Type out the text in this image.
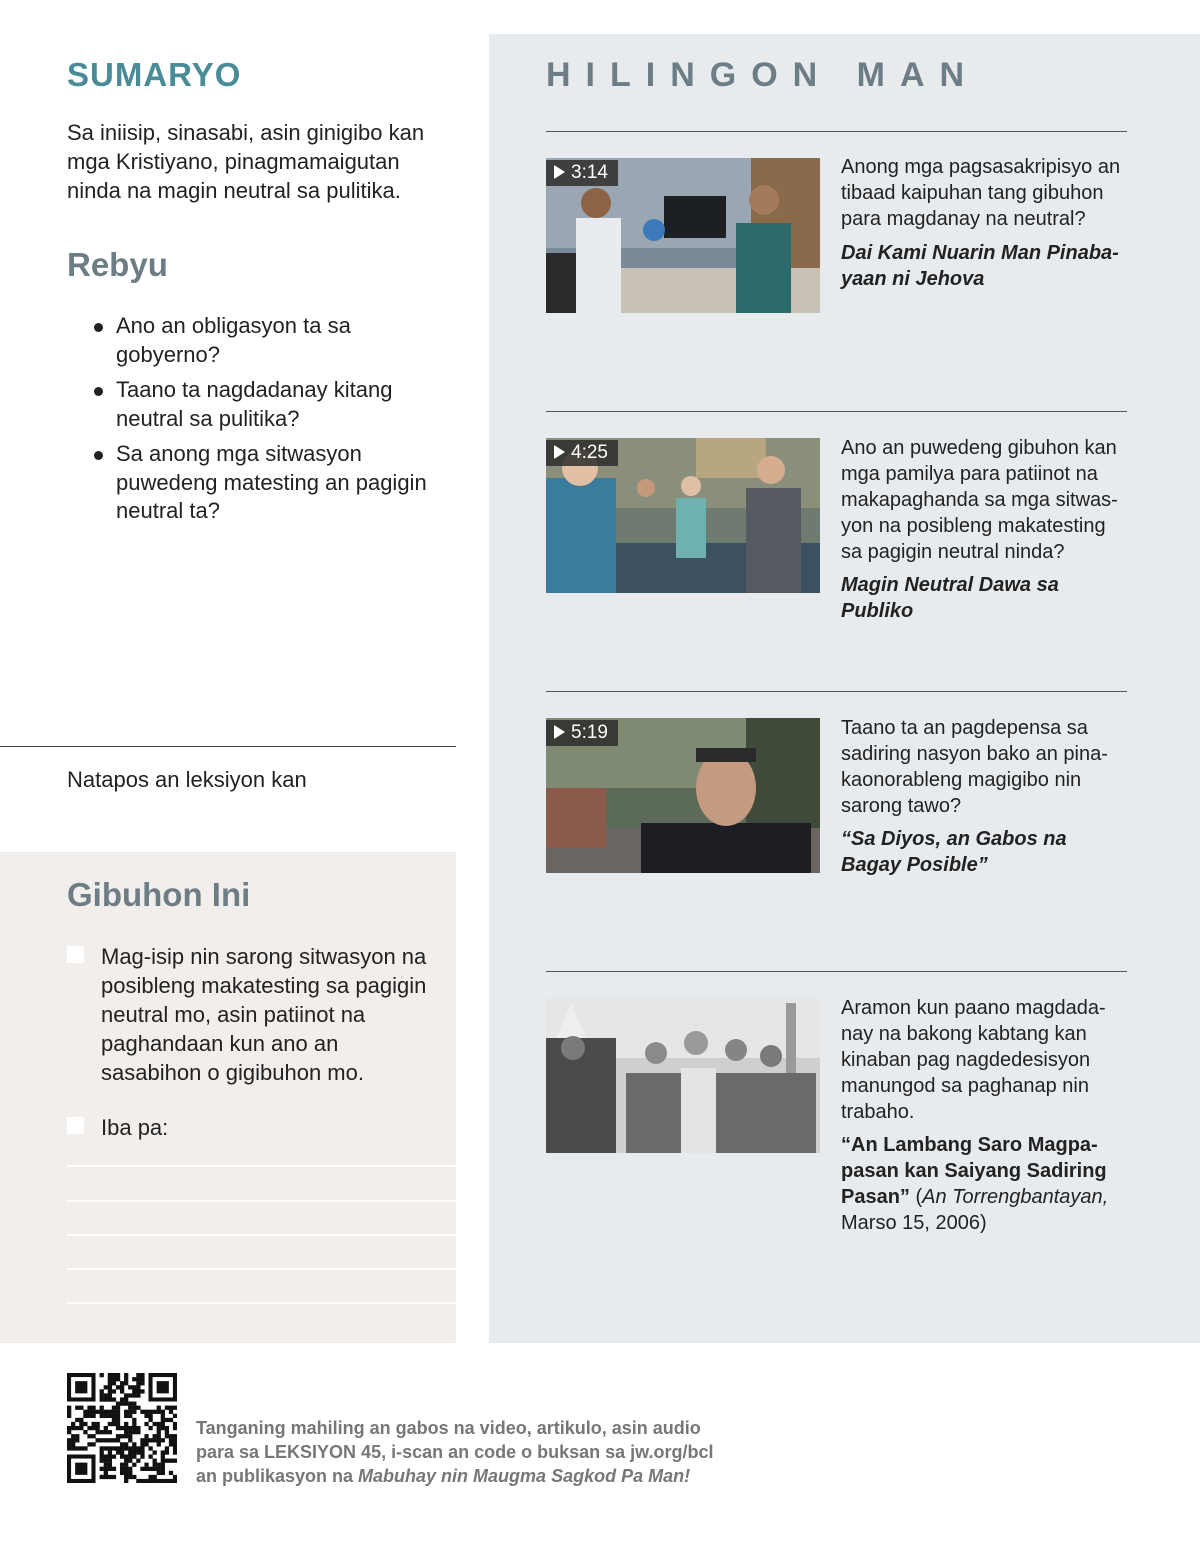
SUMARYO

Sa iniisip, sinasabi, asin ginigibo kan mga Kristiyano, pinagmamaigutan ninda na magin neutral sa pulitika.

Rebyu
Ano an obligasyon ta sa gobyerno?
Taano ta nagdadanay kitang neutral sa pulitika?
Sa anong mga sitwasyon puwedeng matesting an pagigin neutral ta?
Natapos an leksiyon kan
Gibuhon Ini
Mag-isip nin sarong sitwasyon na posibleng makatesting sa pagigin neutral mo, asin patiinot na paghandaan kun ano an sasabihon o gigibuhon mo.
Iba pa:
HILINGON MAN
3:14	Anong mga pagsasakripisyo an tibaad kaipuhan tang gibuhon para magdanay na neutral?

Dai Kami Nuarin Man Pinabayaan ni Jehova

4:25	Ano an puwedeng gibuhon kan mga pamilya para patiinot na makapaghanda sa mga sitwasyon na posibleng makatesting sa pagigin neutral ninda?

Magin Neutral Dawa sa Publiko

5:19	Taano ta an pagdepensa sa sadiring nasyon bako an pinakaonorableng magigibo nin sarong tawo?

“Sa Diyos, an Gabos na Bagay Posible”

Aramon kun paano magdadanay na bakong kabtang kan kinaban pag nagdedesisyon manungod sa paghanap nin trabaho.

“An Lambang Saro Magpapasan kan Saiyang Sadiring Pasan” (An Torrengbantayan,
Marso 15, 2006)

Tanganing mahiling an gabos na video, artikulo, asin audio
para sa LEKSIYON 45, i-scan an code o buksan sa jw.org/bcl
an publikasyon na Mabuhay nin Maugma Sagkod Pa Man!
